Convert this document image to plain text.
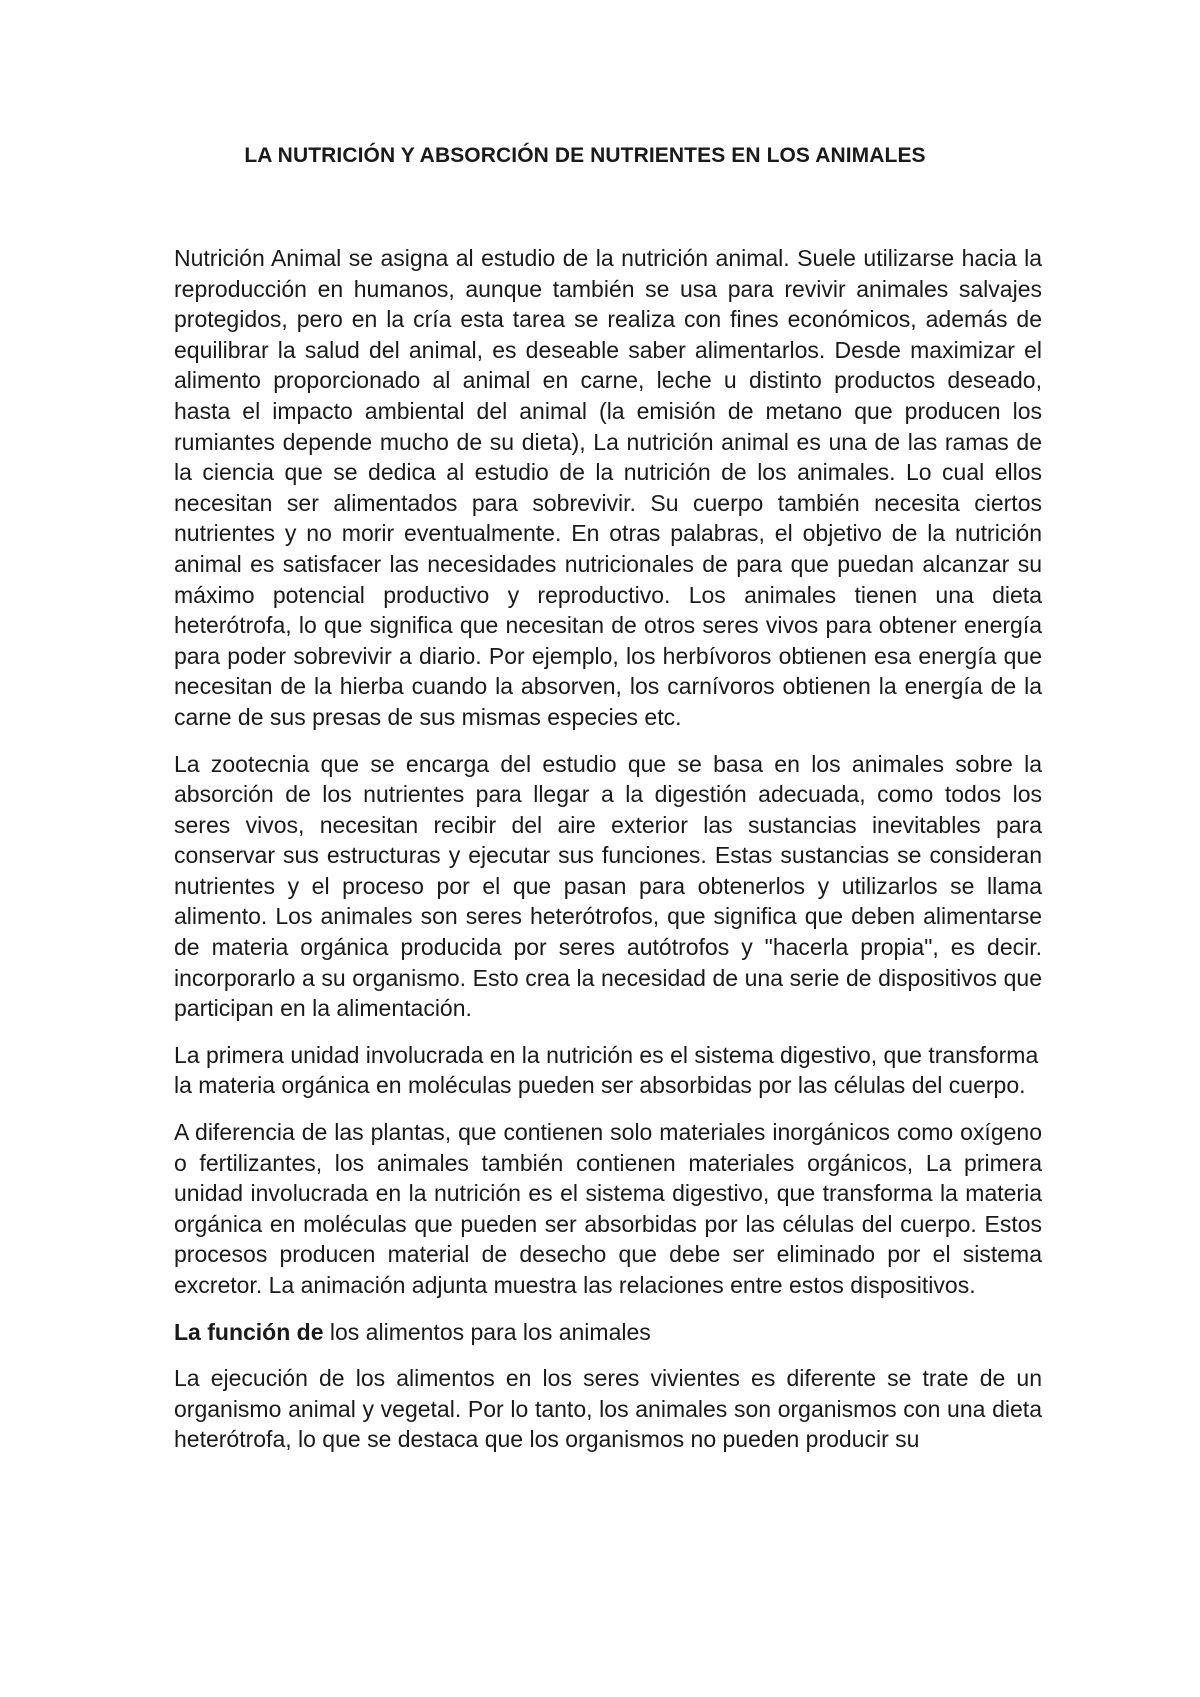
LA NUTRICIÓN Y ABSORCIÓN DE NUTRIENTES EN LOS ANIMALES

Nutrición Animal se asigna al estudio de la nutrición animal. Suele utilizarse hacia la reproducción en humanos, aunque también se usa para revivir animales salvajes protegidos, pero en la cría esta tarea se realiza con fines económicos, además de equilibrar la salud del animal, es deseable saber alimentarlos. Desde maximizar el alimento proporcionado al animal en carne, leche u distinto productos deseado, hasta el impacto ambiental del animal (la emisión de metano que producen los rumiantes depende mucho de su dieta), La nutrición animal es una de las ramas de la ciencia que se dedica al estudio de la nutrición de los animales. Lo cual ellos necesitan ser alimentados para sobrevivir. Su cuerpo también necesita ciertos nutrientes y no morir eventualmente. En otras palabras, el objetivo de la nutrición animal es satisfacer las necesidades nutricionales de para que puedan alcanzar su máximo potencial productivo y reproductivo. Los animales tienen una dieta heterótrofa, lo que significa que necesitan de otros seres vivos para obtener energía para poder sobrevivir a diario. Por ejemplo, los herbívoros obtienen esa energía que necesitan de la hierba cuando la absorven, los carnívoros obtienen la energía de la carne de sus presas de sus mismas especies etc.

La zootecnia que se encarga del estudio que se basa en los animales sobre la absorción de los nutrientes para llegar a la digestión adecuada, como todos los seres vivos, necesitan recibir del aire exterior las sustancias inevitables para conservar sus estructuras y ejecutar sus funciones. Estas sustancias se consideran nutrientes y el proceso por el que pasan para obtenerlos y utilizarlos se llama alimento. Los animales son seres heterótrofos, que significa que deben alimentarse de materia orgánica producida por seres autótrofos y "hacerla propia", es decir. incorporarlo a su organismo. Esto crea la necesidad de una serie de dispositivos que participan en la alimentación.

La primera unidad involucrada en la nutrición es el sistema digestivo, que transforma la materia orgánica en moléculas pueden ser absorbidas por las células del cuerpo.

A diferencia de las plantas, que contienen solo materiales inorgánicos como oxígeno o fertilizantes, los animales también contienen materiales orgánicos, La primera unidad involucrada en la nutrición es el sistema digestivo, que transforma la materia orgánica en moléculas que pueden ser absorbidas por las células del cuerpo. Estos procesos producen material de desecho que debe ser eliminado por el sistema excretor. La animación adjunta muestra las relaciones entre estos dispositivos.

La función de los alimentos para los animales

La ejecución de los alimentos en los seres vivientes es diferente se trate de un organismo animal y vegetal. Por lo tanto, los animales son organismos con una dieta heterótrofa, lo que se destaca que los organismos no pueden producir su
